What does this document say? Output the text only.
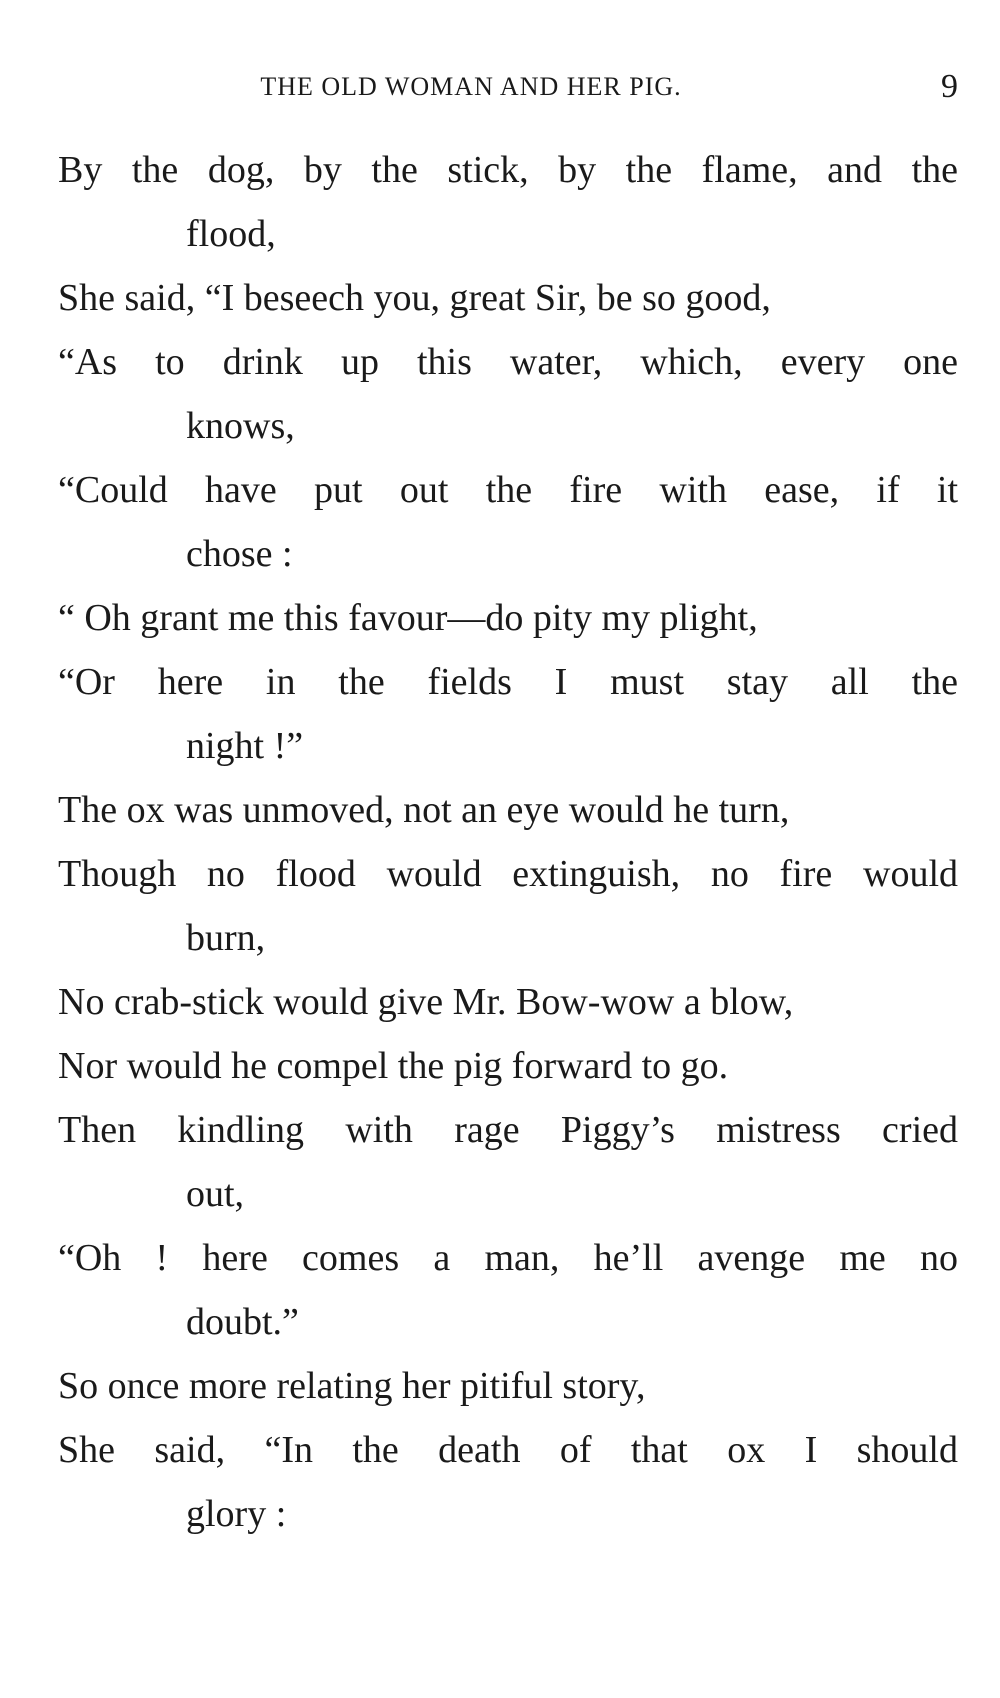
THE OLD WOMAN AND HER PIG.	9
By the dog, by the stick, by the flame, and the
flood,
She said, “I beseech you, great Sir, be so good,
“As to drink up this water, which, every one
knows,
“Could have put out the fire with ease, if it
chose :
“ Oh grant me this favour—do pity my plight,
“Or here in the fields I must stay all the
night !”
The ox was unmoved, not an eye would he turn,
Though no flood would extinguish, no fire would
burn,
No crab-stick would give Mr. Bow-wow a blow,
Nor would he compel the pig forward to go.
Then kindling with rage Piggy’s mistress cried
out,
“Oh ! here comes a man, he’ll avenge me no
doubt.”
So once more relating her pitiful story,
She said, “In the death of that ox I should
glory :
